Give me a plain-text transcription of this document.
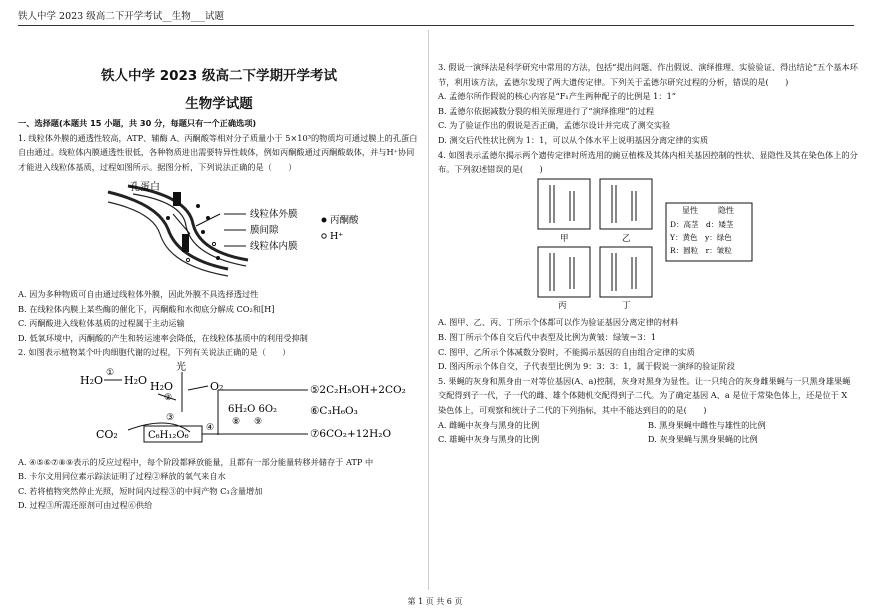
铁人中学 2023 级高二下开学考试__生物___试题
铁人中学 2023 级高二下学期开学考试
生物学试题

一、选择题(本题共 15 小题，共 30 分，每题只有一个正确选项)

1. 线粒体外膜的通透性较高，ATP、辅酶 A、丙酮酸等相对分子质量小于 5×10³的物质均可通过膜上的孔蛋白自由通过。线粒体内膜通透性很低，各种物质进出需要特异性载体，例如丙酮酸通过丙酮酸载体，并与H⁺协同才能进入线粒体基质，过程如图所示。据图分析，下列说法正确的是（　　）

孔蛋白
线粒体外膜
膜间隙
线粒体内膜
丙酮酸
H⁺

A. 因为多种物质可自由通过线粒体外膜，因此外膜不具选择透过性

B. 在线粒体内膜上某些酶的催化下，丙酮酸和水彻底分解成 CO₂和[H]

C. 丙酮酸进入线粒体基质的过程属于主动运输

D. 低氧环境中，丙酮酸的产生和转运速率会降低，在线粒体基质中的利用受抑制

2. 如图表示植物某个叶肉细胞代谢的过程，下列有关说法正确的是（　　）

H₂O
①
H₂O
光
H₂O	O₂
②
CO₂
③
C₆H₁₂O₆
④
6H₂O 6O₂
⑧ ⑨
⑤2C₂H₅OH+2CO₂
⑥C₃H₆O₃
⑦6CO₂+12H₂O

A. ④⑤⑥⑦⑧⑨表示的反应过程中，每个阶段都释放能量，且都有一部分能量转移并储存于 ATP 中

B. 卡尔文用同位素示踪法证明了过程②释放的氧气来自水

C. 若将植物突然停止光照，短时间内过程③的中间产物 C₃含量增加

D. 过程③所需还原剂可由过程⑥供给

3. 假说一演绎法是科学研究中常用的方法，包括“提出问题、作出假说、演绎推理、实验验证、得出结论”五个基本环节，利用该方法，孟德尔发现了两大遗传定律。下列关于孟德尔研究过程的分析，错误的是(　　)

A. 孟德尔所作假说的核心内容是“F₁产生两种配子的比例是 1：1”

B. 孟德尔依据减数分裂的相关原理进行了“演绎推理”的过程

C. 为了验证作出的假说是否正确，孟德尔设计并完成了测交实验

D. 测交后代性状比例为 1：1，可以从个体水平上说明基因分离定律的实质

4. 如图表示孟德尔揭示两个遗传定律时所选用的豌豆植株及其体内相关基因控制的性状、显隐性及其在染色体上的分布。下列叙述错误的是(　　)

甲	乙
丙	丁
显性	隐性
D：高茎　d：矮茎
Y：黄色　y：绿色
R：圆粒　r：皱粒

A. 图甲、乙、丙、丁所示个体都可以作为验证基因分离定律的材料

B. 图丁所示个体自交后代中表型及比例为黄皱：绿皱＝3：1

C. 图甲、乙所示个体减数分裂时，不能揭示基因的自由组合定律的实质

D. 图丙所示个体自交，子代表型比例为 9：3：3：1，属于假说一演绎的验证阶段

5. 果蝇的灰身和黑身由一对等位基因(A、a)控制，灰身对黑身为显性。让一只纯合的灰身雌果蝇与一只黑身雄果蝇交配得到子一代，子一代的雌、雄个体随机交配得到子二代。为了确定基因 A、a 是位于常染色体上，还是位于 X 染色体上，可观察和统计子二代的下列指标，其中不能达到目的的是(　　)

A. 雌蝇中灰身与黑身的比例	B. 黑身果蝇中雌性与雄性的比例
C. 雄蝇中灰身与黑身的比例	D. 灰身果蝇与黑身果蝇的比例
第 1 页 共 6 页
